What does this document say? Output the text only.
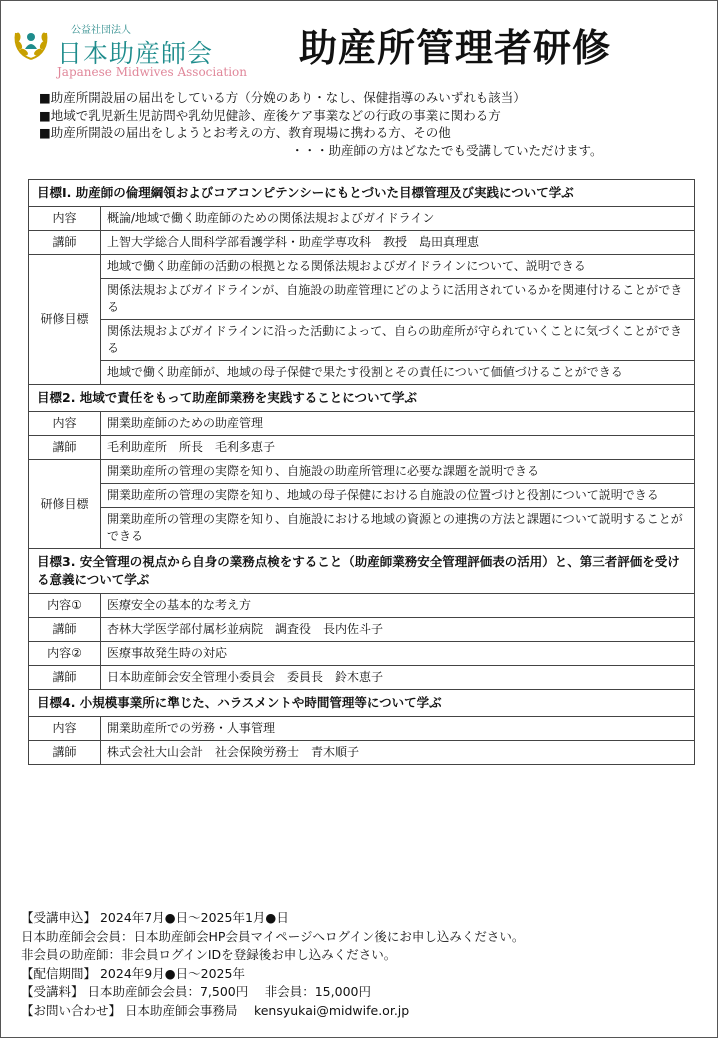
公益社団法人
日本助産師会
Japanese Midwives Association
助産所管理者研修
■助産所開設届の届出をしている方（分娩のあり・なし、保健指導のみいずれも該当）
■地域で乳児新生児訪問や乳幼児健診、産後ケア事業などの行政の事業に関わる方
■助産所開設の届出をしようとお考えの方、教育現場に携わる方、その他
・・・助産師の方はどなたでも受講していただけます。
目標Ⅰ. 助産師の倫理綱領およびコアコンピテンシーにもとづいた目標管理及び実践について学ぶ	
内容	概論/地域で働く助産師のための関係法規およびガイドライン
講師	上智大学総合人間科学部看護学科・助産学専攻科　教授　島田真理恵
研修目標	地域で働く助産師の活動の根拠となる関係法規およびガイドラインについて、説明できる
	関係法規およびガイドラインが、自施設の助産管理にどのように活用されているかを関連付けることができる
	関係法規およびガイドラインに沿った活動によって、自らの助産所が守られていくことに気づくことができる
	地域で働く助産師が、地域の母子保健で果たす役割とその責任について価値づけることができる
目標2. 地域で責任をもって助産師業務を実践することについて学ぶ	
内容	開業助産師のための助産管理
講師	毛利助産所　所長　毛利多恵子
研修目標	開業助産所の管理の実際を知り、自施設の助産所管理に必要な課題を説明できる
	開業助産所の管理の実際を知り、地域の母子保健における自施設の位置づけと役割について説明できる
	開業助産所の管理の実際を知り、自施設における地域の資源との連携の方法と課題について説明することができる
目標3. 安全管理の視点から自身の業務点検をすること（助産師業務安全管理評価表の活用）と、第三者評価を受ける意義について学ぶ	
内容①	医療安全の基本的な考え方
講師	杏林大学医学部付属杉並病院　調査役　長内佐斗子
内容②	医療事故発生時の対応
講師	日本助産師会安全管理小委員会　委員長　鈴木恵子
目標4. 小規模事業所に準じた、ハラスメントや時間管理等について学ぶ	
内容	開業助産所での労務・人事管理
講師	株式会社大山会計　社会保険労務士　青木順子
【受講申込】 2024年7月●日～2025年1月●日
日本助産師会会員：日本助産師会HP会員マイページへログイン後にお申し込みください。
非会員の助産師：非会員ログインIDを登録後お申し込みください。
【配信期間】 2024年9月●日～2025年
【受講料】 日本助産師会会員：7,500円　 非会員：15,000円
【お問い合わせ】 日本助産師会事務局　 kensyukai@midwife.or.jp
